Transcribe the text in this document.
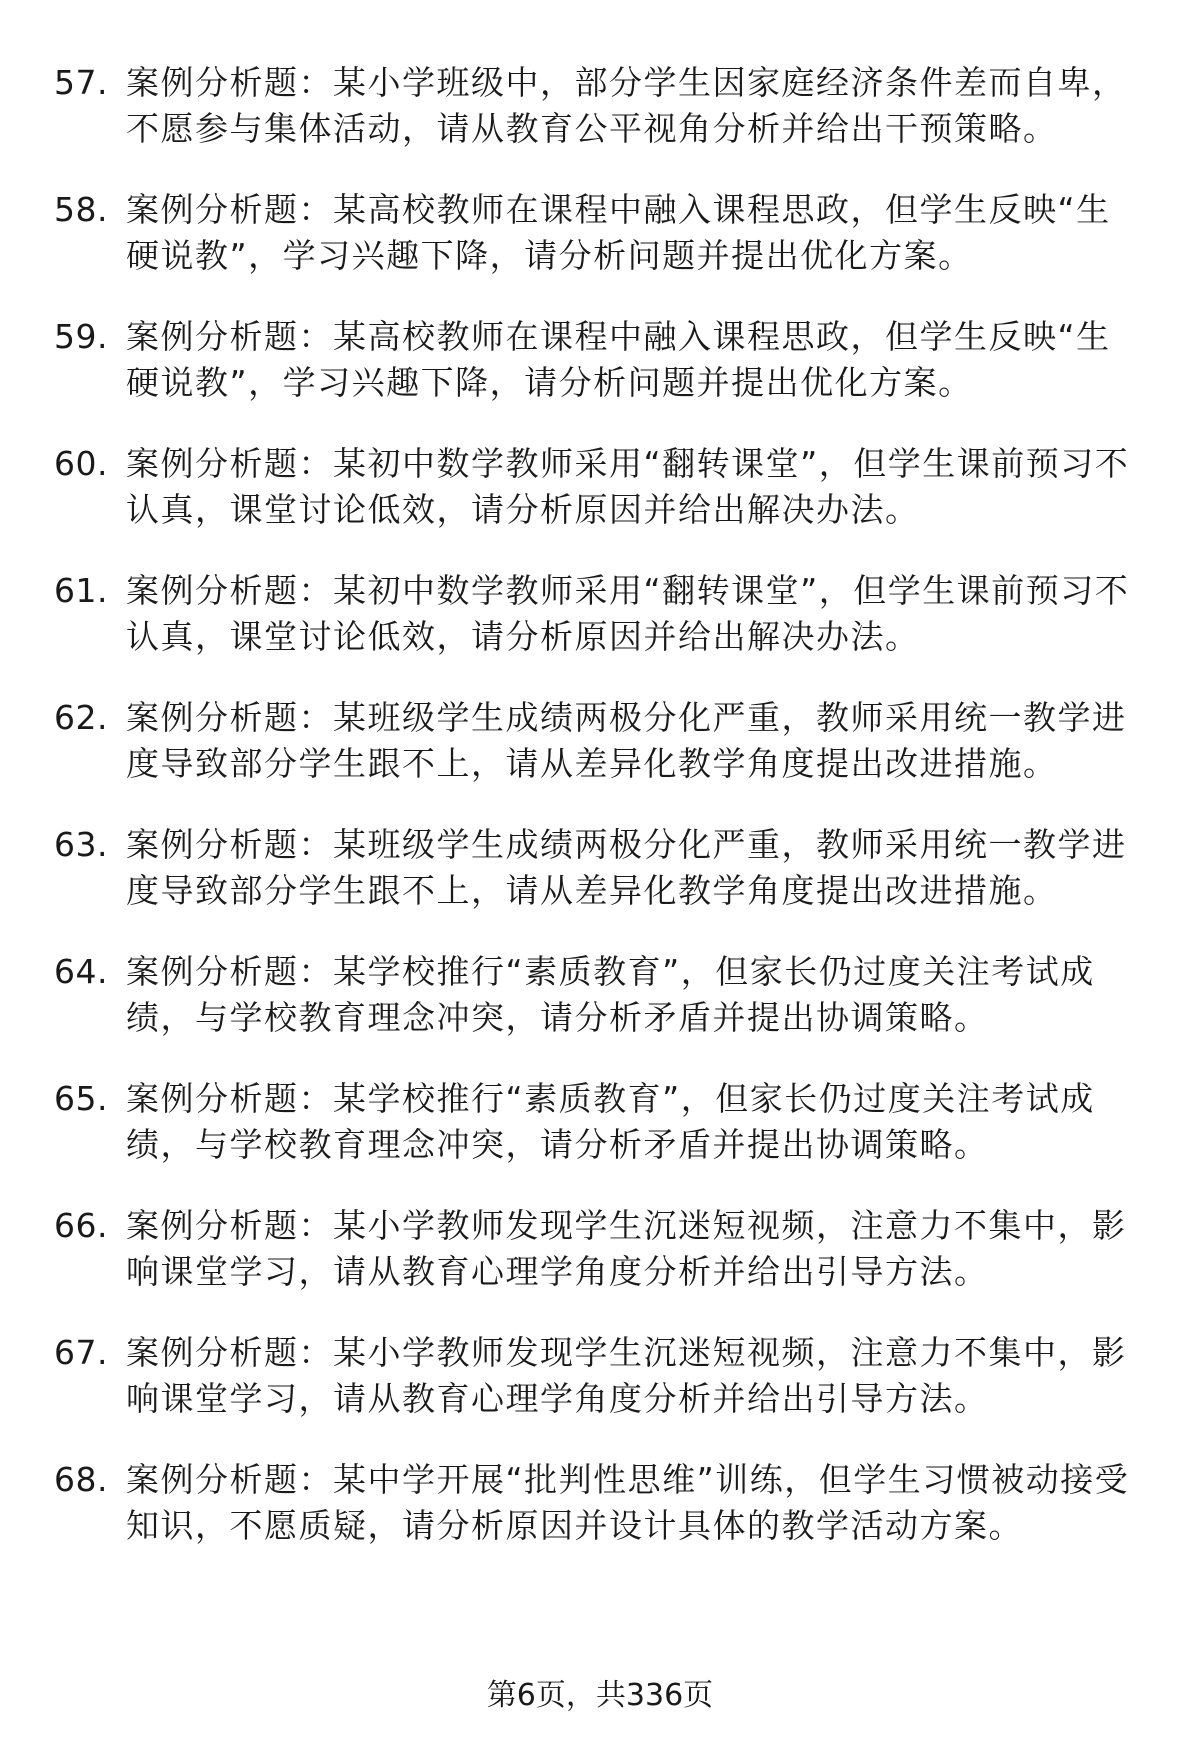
57. 案例分析题：某小学班级中，部分学生因家庭经济条件差而自卑，不愿参与集体活动，请从教育公平视角分析并给出干预策略。
58. 案例分析题：某高校教师在课程中融入课程思政，但学生反映“生硬说教”，学习兴趣下降，请分析问题并提出优化方案。
59. 案例分析题：某高校教师在课程中融入课程思政，但学生反映“生硬说教”，学习兴趣下降，请分析问题并提出优化方案。
60. 案例分析题：某初中数学教师采用“翻转课堂”，但学生课前预习不认真，课堂讨论低效，请分析原因并给出解决办法。
61. 案例分析题：某初中数学教师采用“翻转课堂”，但学生课前预习不认真，课堂讨论低效，请分析原因并给出解决办法。
62. 案例分析题：某班级学生成绩两极分化严重，教师采用统一教学进度导致部分学生跟不上，请从差异化教学角度提出改进措施。
63. 案例分析题：某班级学生成绩两极分化严重，教师采用统一教学进度导致部分学生跟不上，请从差异化教学角度提出改进措施。
64. 案例分析题：某学校推行“素质教育”，但家长仍过度关注考试成绩，与学校教育理念冲突，请分析矛盾并提出协调策略。
65. 案例分析题：某学校推行“素质教育”，但家长仍过度关注考试成绩，与学校教育理念冲突，请分析矛盾并提出协调策略。
66. 案例分析题：某小学教师发现学生沉迷短视频，注意力不集中，影响课堂学习，请从教育心理学角度分析并给出引导方法。
67. 案例分析题：某小学教师发现学生沉迷短视频，注意力不集中，影响课堂学习，请从教育心理学角度分析并给出引导方法。
68. 案例分析题：某中学开展“批判性思维”训练，但学生习惯被动接受知识，不愿质疑，请分析原因并设计具体的教学活动方案。
第6页，共336页
